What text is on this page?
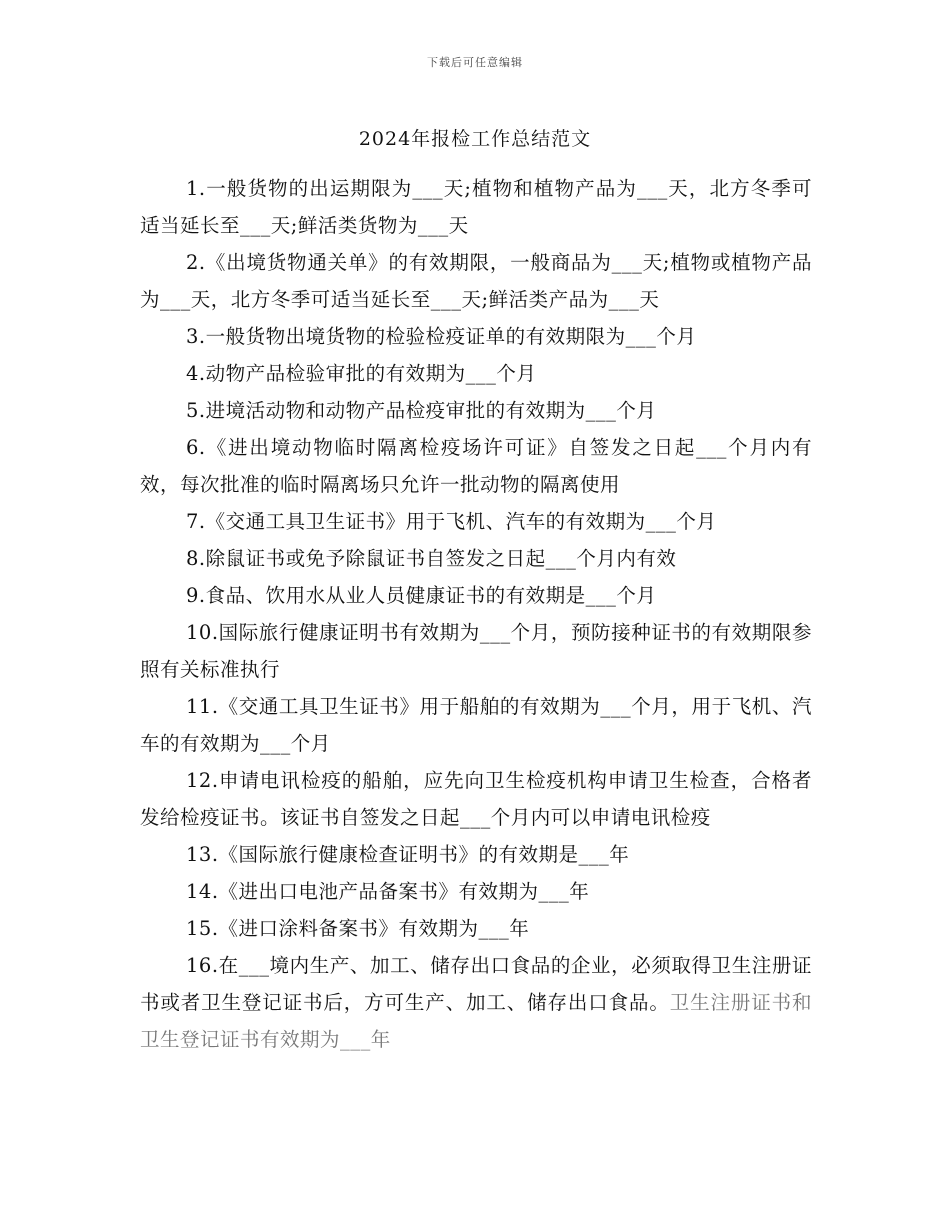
下载后可任意编辑
2024年报检工作总结范文

1.一般货物的出运期限为___天;植物和植物产品为___天，北方冬季可适当延长至___天;鲜活类货物为___天

2.《出境货物通关单》的有效期限，一般商品为___天;植物或植物产品为___天，北方冬季可适当延长至___天;鲜活类产品为___天

3.一般货物出境货物的检验检疫证单的有效期限为___个月

4.动物产品检验审批的有效期为___个月

5.进境活动物和动物产品检疫审批的有效期为___个月

6.《进出境动物临时隔离检疫场许可证》自签发之日起___个月内有效，每次批准的临时隔离场只允许一批动物的隔离使用

7.《交通工具卫生证书》用于飞机、汽车的有效期为___个月

8.除鼠证书或免予除鼠证书自签发之日起___个月内有效

9.食品、饮用水从业人员健康证书的有效期是___个月

10.国际旅行健康证明书有效期为___个月，预防接种证书的有效期限参照有关标准执行

11.《交通工具卫生证书》用于船舶的有效期为___个月，用于飞机、汽车的有效期为___个月

12.申请电讯检疫的船舶，应先向卫生检疫机构申请卫生检查，合格者发给检疫证书。该证书自签发之日起___个月内可以申请电讯检疫

13.《国际旅行健康检查证明书》的有效期是___年

14.《进出口电池产品备案书》有效期为___年

15.《进口涂料备案书》有效期为___年

16.在___境内生产、加工、储存出口食品的企业，必须取得卫生注册证书或者卫生登记证书后，方可生产、加工、储存出口食品。卫生注册证书和卫生登记证书有效期为___年
